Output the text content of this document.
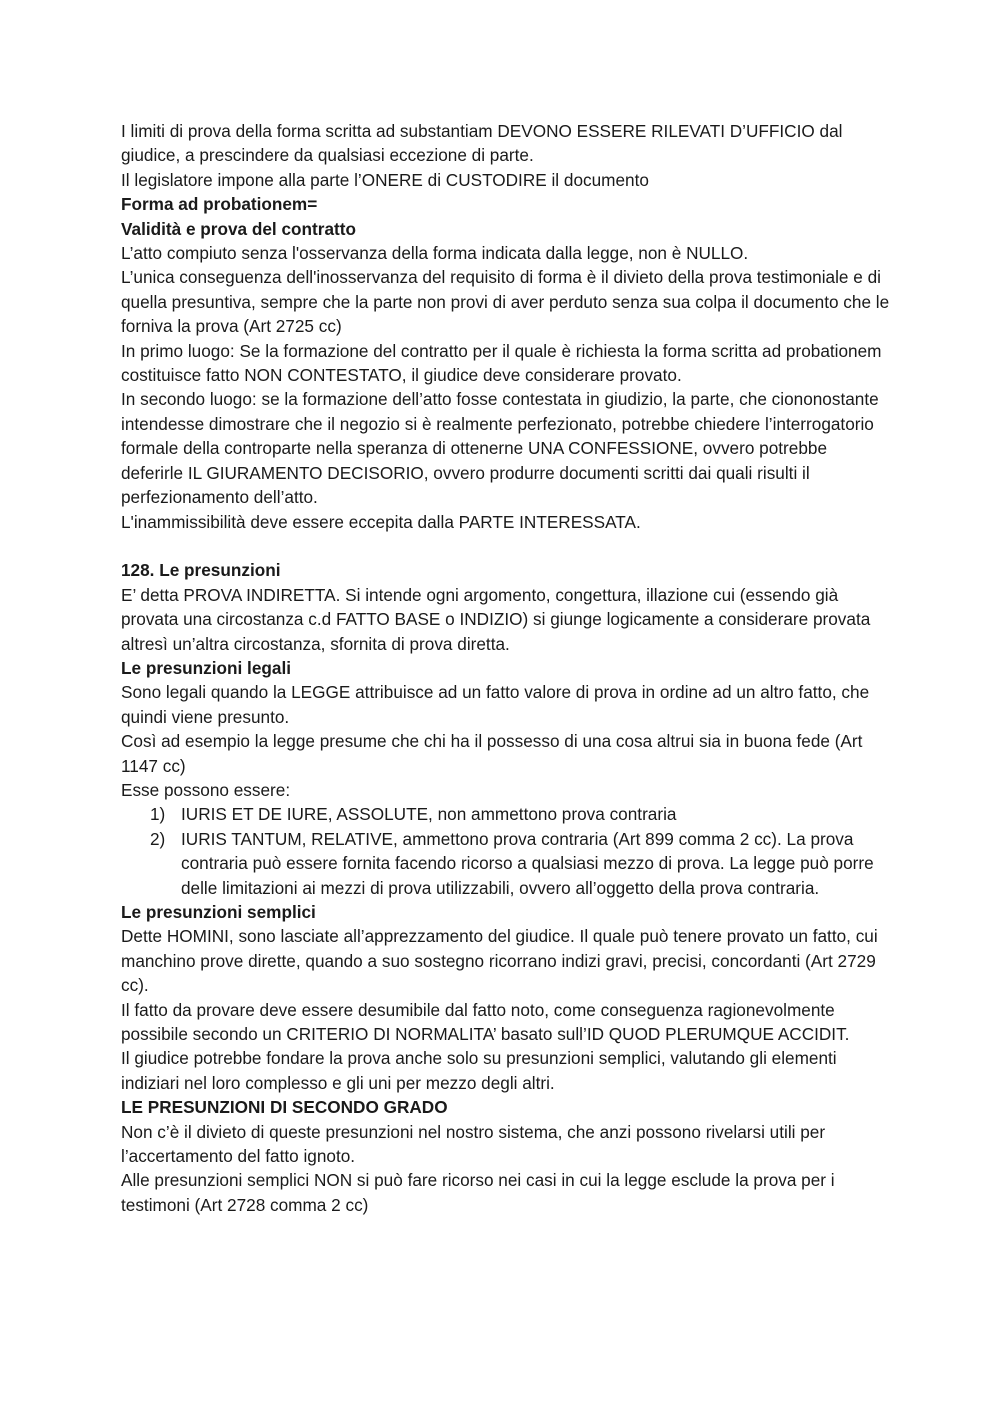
I limiti di prova della forma scritta ad substantiam DEVONO ESSERE RILEVATI D’UFFICIO dal giudice, a prescindere da qualsiasi eccezione di parte.

Il legislatore impone alla parte l’ONERE di CUSTODIRE il documento

Forma ad probationem=

Validità e prova del contratto

L’atto compiuto senza l'osservanza della forma indicata dalla legge, non è NULLO.

L’unica conseguenza dell'inosservanza del requisito di forma è il divieto della prova testimoniale e di quella presuntiva, sempre che la parte non provi di aver perduto senza sua colpa il documento che le forniva la prova (Art 2725 cc)

In primo luogo: Se la formazione del contratto per il quale è richiesta la forma scritta ad probationem costituisce fatto NON CONTESTATO, il giudice deve considerare provato.

In secondo luogo: se la formazione dell’atto fosse contestata in giudizio, la parte, che ciononostante intendesse dimostrare che il negozio si è realmente perfezionato, potrebbe chiedere l’interrogatorio formale della controparte nella speranza di ottenerne UNA CONFESSIONE, ovvero potrebbe deferirle IL GIURAMENTO DECISORIO, ovvero produrre documenti scritti dai quali risulti il perfezionamento dell’atto.

L'inammissibilità deve essere eccepita dalla PARTE INTERESSATA.

128. Le presunzioni

E’ detta PROVA INDIRETTA. Si intende ogni argomento, congettura, illazione cui (essendo già provata una circostanza c.d FATTO BASE o INDIZIO) si giunge logicamente a considerare provata altresì un’altra circostanza, sfornita di prova diretta.

Le presunzioni legali

Sono legali quando la LEGGE attribuisce ad un fatto valore di prova in ordine ad un altro fatto, che quindi viene presunto.

Così ad esempio la legge presume che chi ha il possesso di una cosa altrui sia in buona fede (Art 1147 cc)

Esse possono essere:

1) IURIS ET DE IURE, ASSOLUTE, non ammettono prova contraria
2) IURIS TANTUM, RELATIVE, ammettono prova contraria (Art 899 comma 2 cc). La prova contraria può essere fornita facendo ricorso a qualsiasi mezzo di prova. La legge può porre delle limitazioni ai mezzi di prova utilizzabili, ovvero all’oggetto della prova contraria.

Le presunzioni semplici

Dette HOMINI, sono lasciate all’apprezzamento del giudice. Il quale può tenere provato un fatto, cui manchino prove dirette, quando a suo sostegno ricorrano indizi gravi, precisi, concordanti (Art 2729 cc).

Il fatto da provare deve essere desumibile dal fatto noto, come conseguenza ragionevolmente possibile secondo un CRITERIO DI NORMALITA’ basato sull’ID QUOD PLERUMQUE ACCIDIT.

Il giudice potrebbe fondare la prova anche solo su presunzioni semplici, valutando gli elementi indiziari nel loro complesso e gli uni per mezzo degli altri.

LE PRESUNZIONI DI SECONDO GRADO

Non c’è il divieto di queste presunzioni nel nostro sistema, che anzi possono rivelarsi utili per l’accertamento del fatto ignoto.

Alle presunzioni semplici NON si può fare ricorso nei casi in cui la legge esclude la prova per i testimoni (Art 2728 comma 2 cc)
